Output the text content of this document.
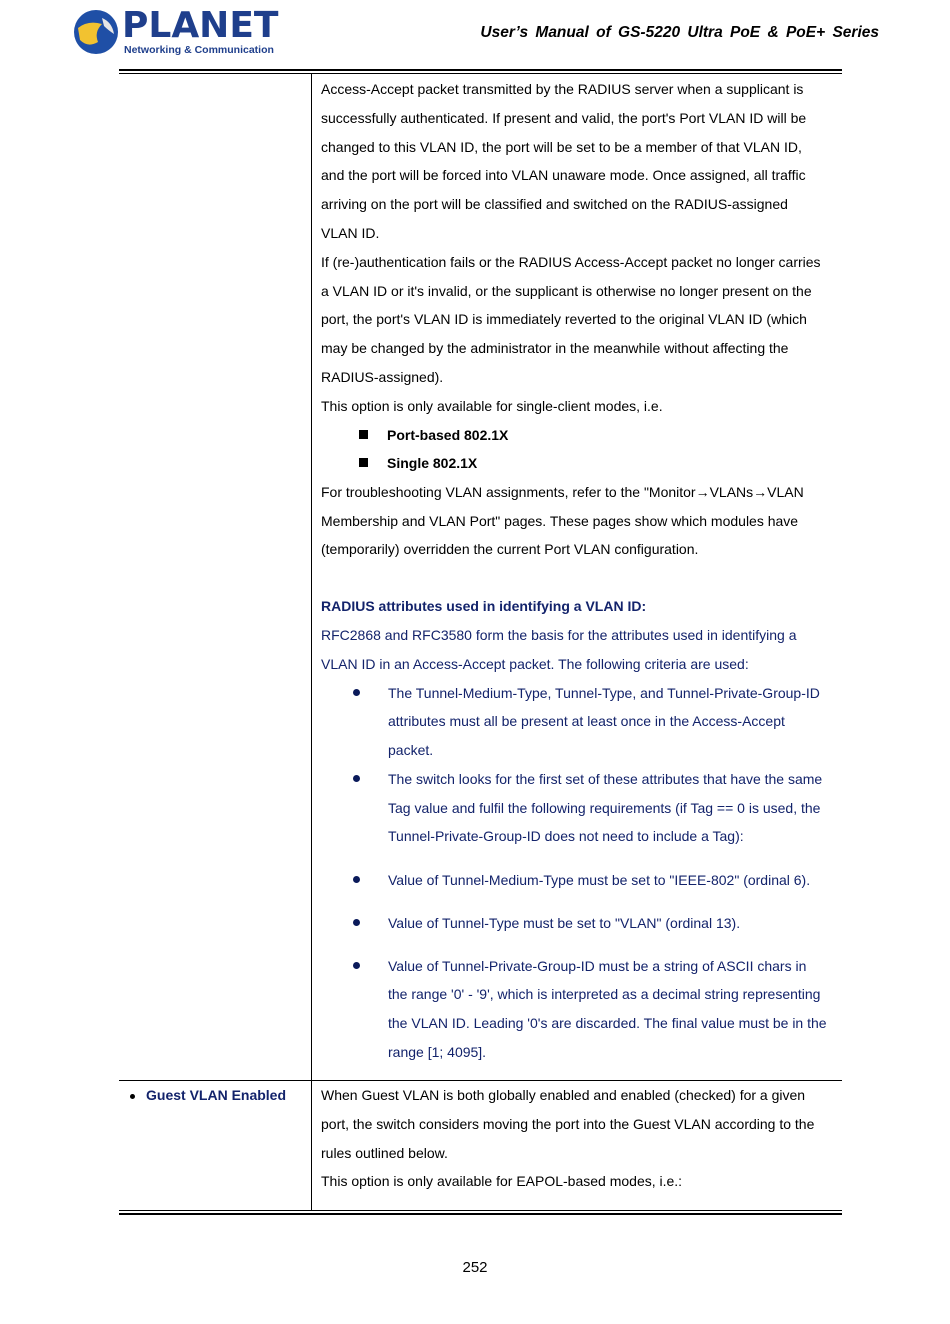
PLANET
Networking & Communication
User’s Manual of GS-5220 Ultra PoE & PoE+ Series
Access-Accept packet transmitted by the RADIUS server when a supplicant is
successfully authenticated. If present and valid, the port's Port VLAN ID will be
changed to this VLAN ID, the port will be set to be a member of that VLAN ID,
and the port will be forced into VLAN unaware mode. Once assigned, all traffic
arriving on the port will be classified and switched on the RADIUS-assigned
VLAN ID.
If (re-)authentication fails or the RADIUS Access-Accept packet no longer carries
a VLAN ID or it's invalid, or the supplicant is otherwise no longer present on the
port, the port's VLAN ID is immediately reverted to the original VLAN ID (which
may be changed by the administrator in the meanwhile without affecting the
RADIUS-assigned).
This option is only available for single-client modes, i.e.
Port-based 802.1X
Single 802.1X
For troubleshooting VLAN assignments, refer to the "Monitor→VLANs→VLAN
Membership and VLAN Port" pages. These pages show which modules have
(temporarily) overridden the current Port VLAN configuration.
RADIUS attributes used in identifying a VLAN ID:
RFC2868 and RFC3580 form the basis for the attributes used in identifying a
VLAN ID in an Access-Accept packet. The following criteria are used:
The Tunnel-Medium-Type, Tunnel-Type, and Tunnel-Private-Group-ID
attributes must all be present at least once in the Access-Accept
packet.
The switch looks for the first set of these attributes that have the same
Tag value and fulfil the following requirements (if Tag == 0 is used, the
Tunnel-Private-Group-ID does not need to include a Tag):
Value of Tunnel-Medium-Type must be set to "IEEE-802" (ordinal 6).
Value of Tunnel-Type must be set to "VLAN" (ordinal 13).
Value of Tunnel-Private-Group-ID must be a string of ASCII chars in
the range '0' - '9', which is interpreted as a decimal string representing
the VLAN ID. Leading '0's are discarded. The final value must be in the
range [1; 4095].
Guest VLAN Enabled When Guest VLAN is both globally enabled and enabled (checked) for a given
port, the switch considers moving the port into the Guest VLAN according to the
rules outlined below.
This option is only available for EAPOL-based modes, i.e.:
252
